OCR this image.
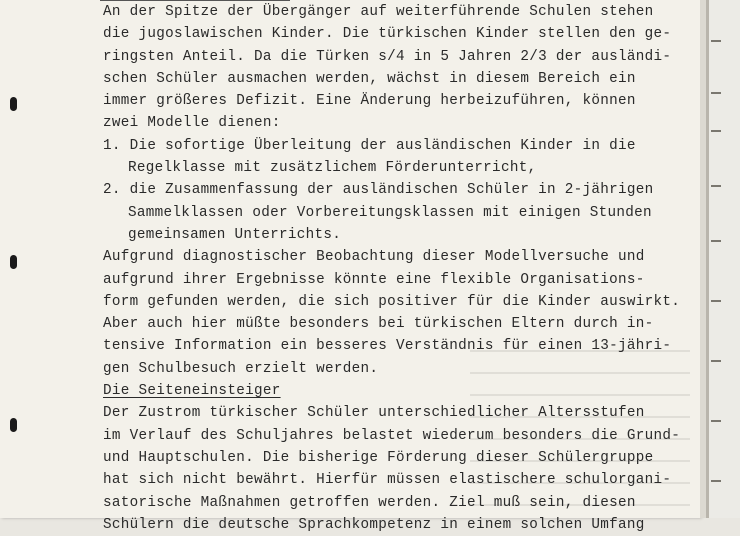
An der Spitze der Übergänger auf weiterführende Schulen stehen
die jugoslawischen Kinder. Die türkischen Kinder stellen den ge-
ringsten Anteil. Da die Türken s/4 in 5 Jahren 2/3 der ausländi-
schen Schüler ausmachen werden, wächst in diesem Bereich ein
immer größeres Defizit. Eine Änderung herbeizuführen, können
zwei Modelle dienen:
1. Die sofortige Überleitung der ausländischen Kinder in die
Regelklasse mit zusätzlichem Förderunterricht,
2. die Zusammenfassung der ausländischen Schüler in 2-jährigen
Sammelklassen oder Vorbereitungsklassen mit einigen Stunden
gemeinsamen Unterrichts.
Aufgrund diagnostischer Beobachtung dieser Modellversuche und
aufgrund ihrer Ergebnisse könnte eine flexible Organisations-
form gefunden werden, die sich positiver für die Kinder auswirkt.
Aber auch hier müßte besonders bei türkischen Eltern durch in-
tensive Information ein besseres Verständnis für einen 13-jähri-
gen Schulbesuch erzielt werden.
Die Seiteneinsteiger
Der Zustrom türkischer Schüler unterschiedlicher Altersstufen
im Verlauf des Schuljahres belastet wiederum besonders die Grund-
und Hauptschulen. Die bisherige Förderung dieser Schülergruppe
hat sich nicht bewährt. Hierfür müssen elastischere schulorgani-
satorische Maßnahmen getroffen werden. Ziel muß sein, diesen
Schülern die deutsche Sprachkompetenz in einem solchen Umfang
